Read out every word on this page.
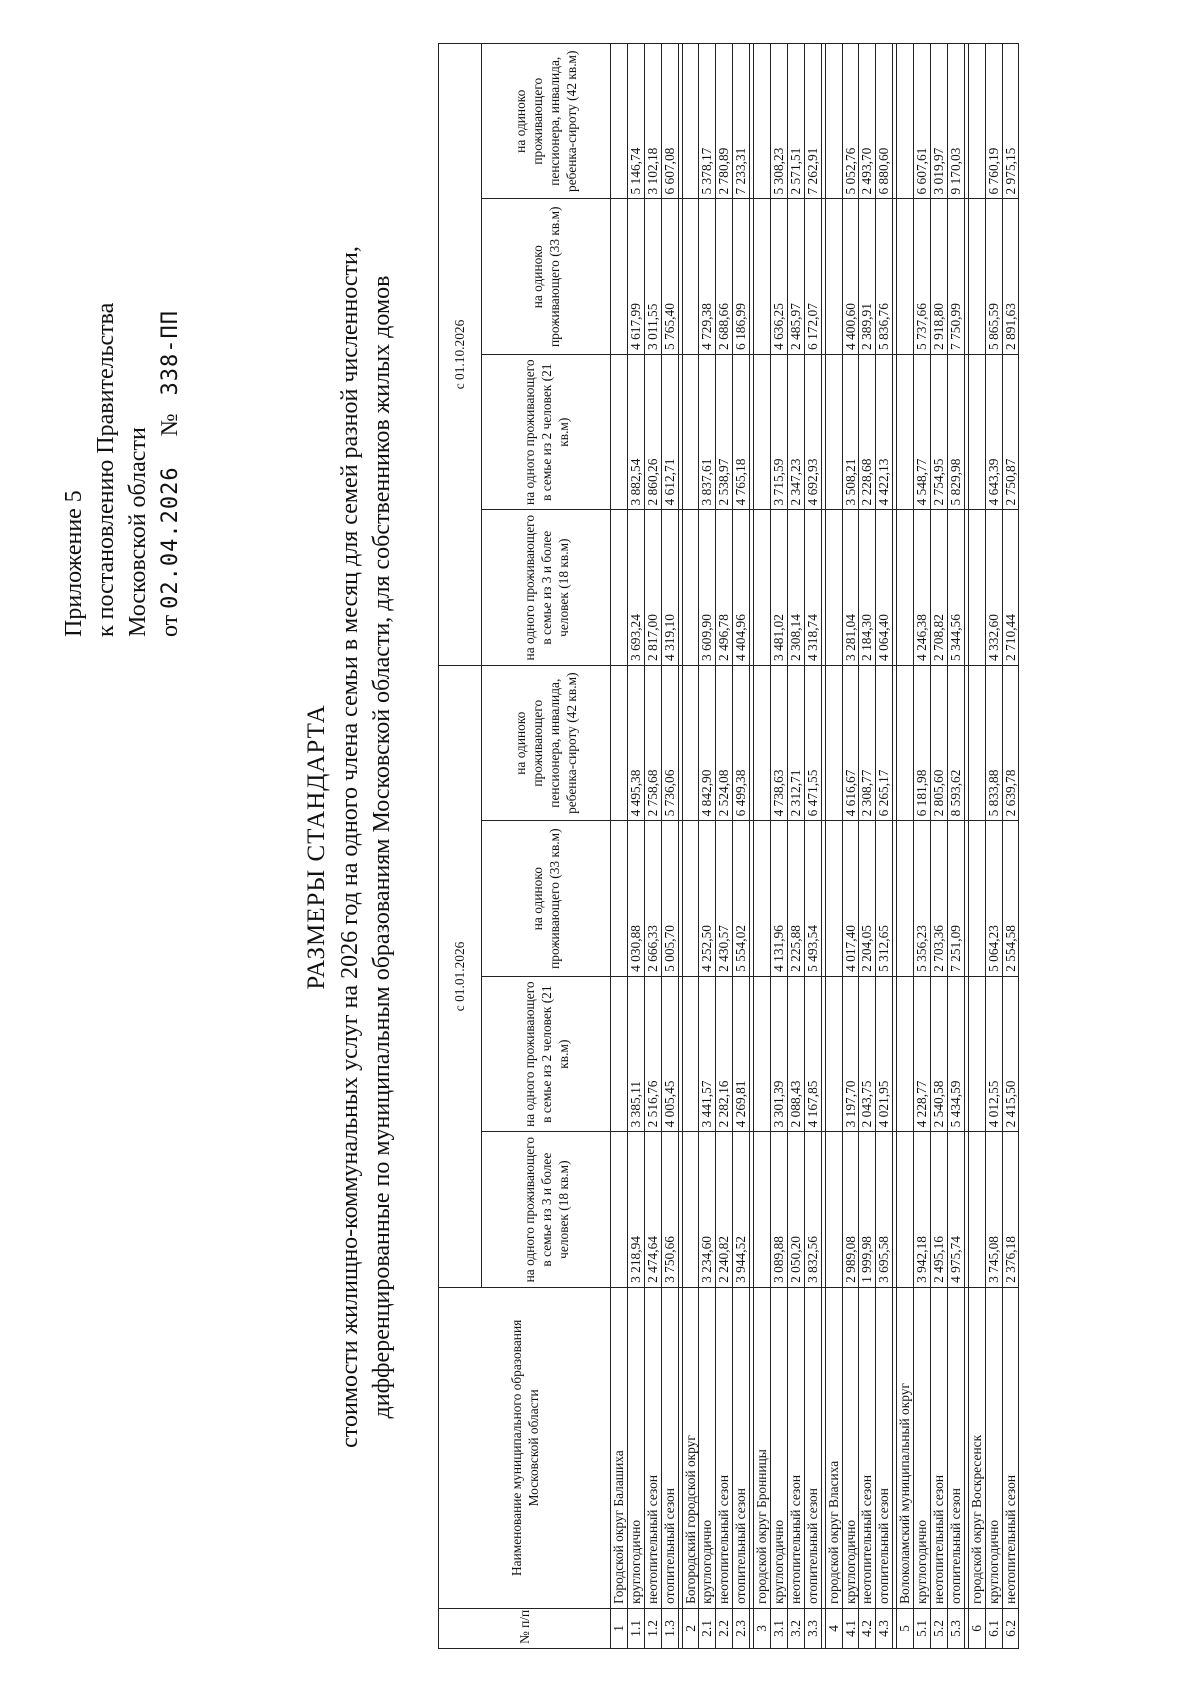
Приложение 5 к постановлению Правительства Московской области от 02.04.2026 №338-ПП
РАЗМЕРЫ СТАНДАРТА стоимости жилищно-коммунальных услуг на 2026 год на одного члена семьи в месяц для семей разной численности, дифференцированные по муниципальным образованиям Московской области, для собственников жилых домов
№ п/п	Наименование муниципального образования Московской области	с 01.01.2026				с 01.10.2026			
		на одного проживающего в семье из 3 и более человек (18 кв.м)	на одного проживающего в семье из 2 человек (21 кв.м)	на одиноко проживающего (33 кв.м)	на одиноко проживающего пенсионера, инвалида, ребенка-сироту (42 кв.м)	на одного проживающего в семье из 3 и более человек (18 кв.м)	на одного проживающего в семье из 2 человек (21 кв.м)	на одиноко проживающего (33 кв.м)	на одиноко проживающего пенсионера, инвалида, ребенка-сироту (42 кв.м)
1	Городской округ Балашиха								
1.1	круглогодично	3 218,94	3 385,11	4 030,88	4 495,38	3 693,24	3 882,54	4 617,99	5 146,74
1.2	неотопительный сезон	2 474,64	2 516,76	2 666,33	2 758,68	2 817,00	2 860,26	3 011,55	3 102,18
1.3	отопительный сезон	3 750,66	4 005,45	5 005,70	5 736,06	4 319,10	4 612,71	5 765,40	6 607,08

2	Богородский городской округ								
2.1	круглогодично	3 234,60	3 441,57	4 252,50	4 842,90	3 609,90	3 837,61	4 729,38	5 378,17
2.2	неотопительный сезон	2 240,82	2 282,16	2 430,57	2 524,08	2 496,78	2 538,97	2 688,66	2 780,89
2.3	отопительный сезон	3 944,52	4 269,81	5 554,02	6 499,38	4 404,96	4 765,18	6 186,99	7 233,31

3	городской округ Бронницы								
3.1	круглогодично	3 089,88	3 301,39	4 131,96	4 738,63	3 481,02	3 715,59	4 636,25	5 308,23
3.2	неотопительный сезон	2 050,20	2 088,43	2 225,88	2 312,71	2 308,14	2 347,23	2 485,97	2 571,51
3.3	отопительный сезон	3 832,56	4 167,85	5 493,54	6 471,55	4 318,74	4 692,93	6 172,07	7 262,91

4	городской округ Власиха								
4.1	круглогодично	2 989,08	3 197,70	4 017,40	4 616,67	3 281,04	3 508,21	4 400,60	5 052,76
4.2	неотопительный сезон	1 999,98	2 043,75	2 204,05	2 308,77	2 184,30	2 228,68	2 389,91	2 493,70
4.3	отопительный сезон	3 695,58	4 021,95	5 312,65	6 265,17	4 064,40	4 422,13	5 836,76	6 880,60

5	Волоколамский муниципальный округ								
5.1	круглогодично	3 942,18	4 228,77	5 356,23	6 181,98	4 246,38	4 548,77	5 737,66	6 607,61
5.2	неотопительный сезон	2 495,16	2 540,58	2 703,36	2 805,60	2 708,82	2 754,95	2 918,80	3 019,97
5.3	отопительный сезон	4 975,74	5 434,59	7 251,09	8 593,62	5 344,56	5 829,98	7 750,99	9 170,03

6	городской округ Воскресенск								
6.1	круглогодично	3 745,08	4 012,55	5 064,23	5 833,88	4 332,60	4 643,39	5 865,59	6 760,19
6.2	неотопительный сезон	2 376,18	2 415,50	2 554,58	2 639,78	2 710,44	2 750,87	2 891,63	2 975,15
